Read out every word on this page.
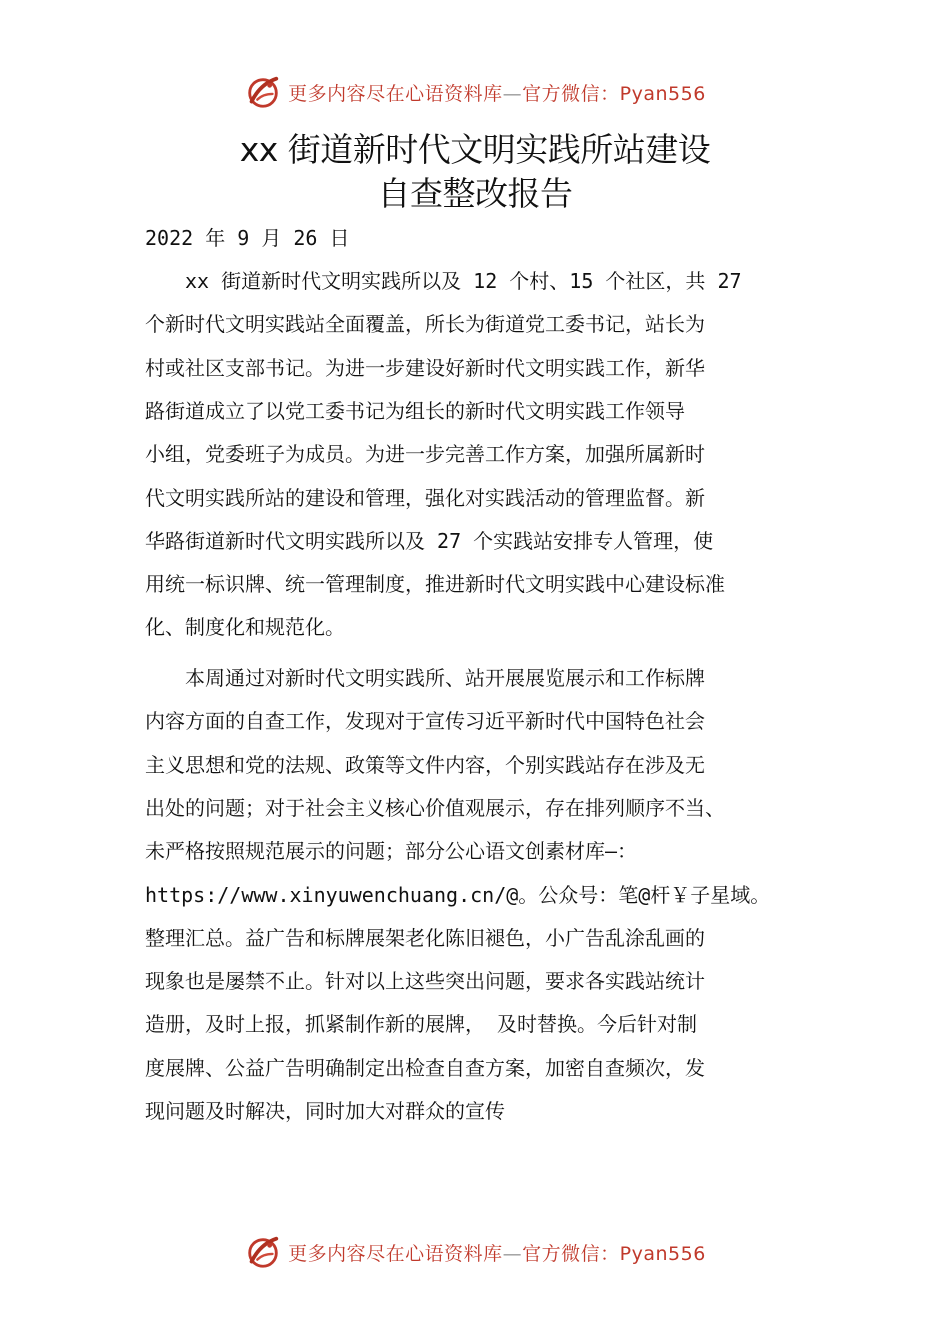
更多内容尽在心语资料库—官方微信：Pyan556
xx 街道新时代文明实践所站建设
自查整改报告
2022 年 9 月 26 日
　　xx 街道新时代文明实践所以及 12 个村、15 个社区，共 27
个新时代文明实践站全面覆盖，所长为街道党工委书记，站长为
村或社区支部书记。为进一步建设好新时代文明实践工作，新华
路街道成立了以党工委书记为组长的新时代文明实践工作领导
小组，党委班子为成员。为进一步完善工作方案，加强所属新时
代文明实践所站的建设和管理，强化对实践活动的管理监督。新
华路街道新时代文明实践所以及 27 个实践站安排专人管理，使
用统一标识牌、统一管理制度，推进新时代文明实践中心建设标准
化、制度化和规范化。
　　本周通过对新时代文明实践所、站开展展览展示和工作标牌
内容方面的自查工作，发现对于宣传习近平新时代中国特色社会
主义思想和党的法规、政策等文件内容，个别实践站存在涉及无
出处的问题；对于社会主义核心价值观展示，存在排列顺序不当、
未严格按照规范展示的问题；部分公心语文创素材库—：
https://www.xinyuwenchuang.cn/@。公众号：笔@杆￥子星域。
整理汇总。益广告和标牌展架老化陈旧褪色，小广告乱涂乱画的
现象也是屡禁不止。针对以上这些突出问题，要求各实践站统计
造册，及时上报，抓紧制作新的展牌， 及时替换。今后针对制
度展牌、公益广告明确制定出检查自查方案，加密自查频次，发
现问题及时解决，同时加大对群众的宣传
更多内容尽在心语资料库—官方微信：Pyan556
